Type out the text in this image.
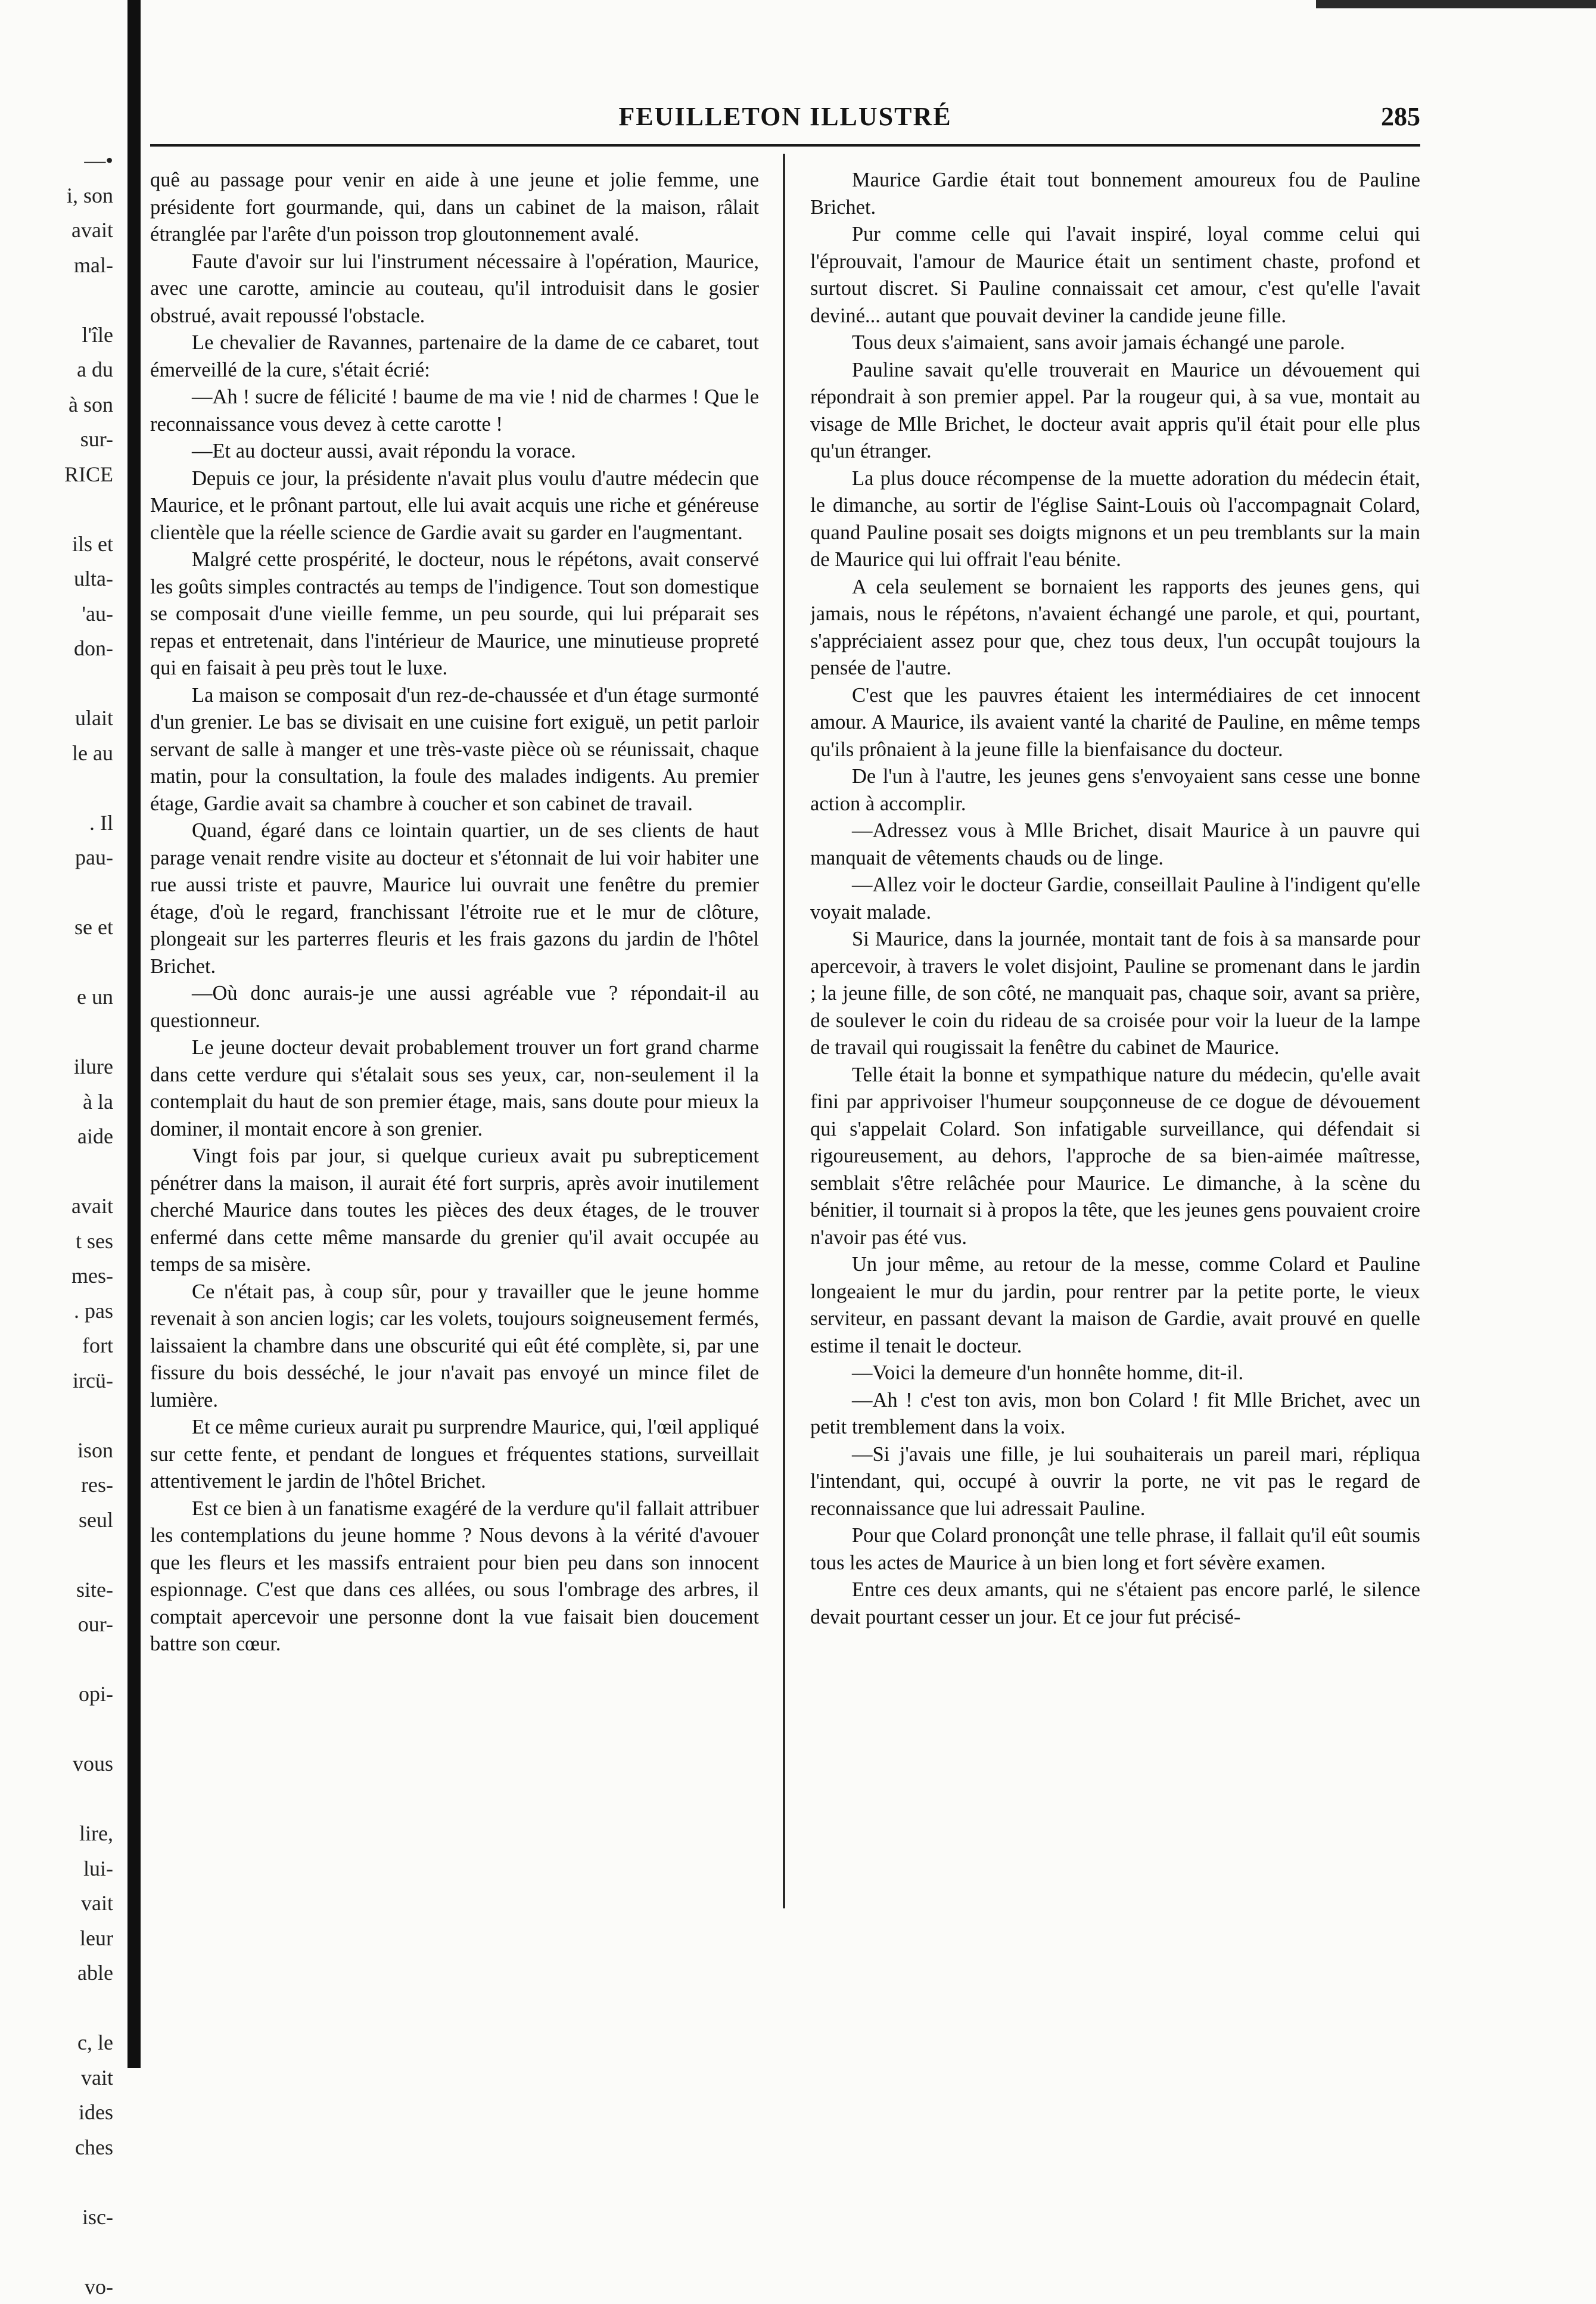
—•
i, son
avait
mal-
l'île
a du
à son
sur-
RICE
ils et
ulta-
'au-
don-
ulait
le au
. Il
pau-
se et
e un
ilure
à la
aide
avait
t ses
mes-
. pas
fort
ircü-
ison
res-
seul
site-
our-
opi-
vous
lire,
lui-
vait
leur
able
c, le
vait
ides
ches
isc-
vo-
FEUILLETON ILLUSTRÉ	285

quê au passage pour venir en aide à une jeune et jolie femme, une présidente fort gourmande, qui, dans un cabinet de la maison, râlait étranglée par l'arête d'un poisson trop gloutonnement avalé.

Faute d'avoir sur lui l'instrument nécessaire à l'opération, Maurice, avec une carotte, amincie au couteau, qu'il introduisit dans le gosier obstrué, avait repoussé l'obstacle.

Le chevalier de Ravannes, partenaire de la dame de ce cabaret, tout émerveillé de la cure, s'était écrié:

—Ah ! sucre de félicité ! baume de ma vie ! nid de charmes ! Que le reconnaissance vous devez à cette carotte !

—Et au docteur aussi, avait répondu la vorace.

Depuis ce jour, la présidente n'avait plus voulu d'autre médecin que Maurice, et le prônant partout, elle lui avait acquis une riche et généreuse clientèle que la réelle science de Gardie avait su garder en l'augmentant.

Malgré cette prospérité, le docteur, nous le répétons, avait conservé les goûts simples contractés au temps de l'indigence. Tout son domestique se composait d'une vieille femme, un peu sourde, qui lui préparait ses repas et entretenait, dans l'intérieur de Maurice, une minutieuse propreté qui en faisait à peu près tout le luxe.

La maison se composait d'un rez-de-chaussée et d'un étage surmonté d'un grenier. Le bas se divisait en une cuisine fort exiguë, un petit parloir servant de salle à manger et une très-vaste pièce où se réunissait, chaque matin, pour la consultation, la foule des malades indigents. Au premier étage, Gardie avait sa chambre à coucher et son cabinet de travail.

Quand, égaré dans ce lointain quartier, un de ses clients de haut parage venait rendre visite au docteur et s'étonnait de lui voir habiter une rue aussi triste et pauvre, Maurice lui ouvrait une fenêtre du premier étage, d'où le regard, franchissant l'étroite rue et le mur de clôture, plongeait sur les parterres fleuris et les frais gazons du jardin de l'hôtel Brichet.

—Où donc aurais-je une aussi agréable vue ? répondait-il au questionneur.

Le jeune docteur devait probablement trouver un fort grand charme dans cette verdure qui s'étalait sous ses yeux, car, non-seulement il la contemplait du haut de son premier étage, mais, sans doute pour mieux la dominer, il montait encore à son grenier.

Vingt fois par jour, si quelque curieux avait pu subrepticement pénétrer dans la maison, il aurait été fort surpris, après avoir inutilement cherché Maurice dans toutes les pièces des deux étages, de le trouver enfermé dans cette même mansarde du grenier qu'il avait occupée au temps de sa misère.

Ce n'était pas, à coup sûr, pour y travailler que le jeune homme revenait à son ancien logis; car les volets, toujours soigneusement fermés, laissaient la chambre dans une obscurité qui eût été complète, si, par une fissure du bois desséché, le jour n'avait pas envoyé un mince filet de lumière.

Et ce même curieux aurait pu surprendre Maurice, qui, l'œil appliqué sur cette fente, et pendant de longues et fréquentes stations, surveillait attentivement le jardin de l'hôtel Brichet.

Est ce bien à un fanatisme exagéré de la verdure qu'il fallait attribuer les contemplations du jeune homme ? Nous devons à la vérité d'avouer que les fleurs et les massifs entraient pour bien peu dans son innocent espionnage. C'est que dans ces allées, ou sous l'ombrage des arbres, il comptait apercevoir une personne dont la vue faisait bien doucement battre son cœur.

Maurice Gardie était tout bonnement amoureux fou de Pauline Brichet.

Pur comme celle qui l'avait inspiré, loyal comme celui qui l'éprouvait, l'amour de Maurice était un sentiment chaste, profond et surtout discret. Si Pauline connaissait cet amour, c'est qu'elle l'avait deviné... autant que pouvait deviner la candide jeune fille.

Tous deux s'aimaient, sans avoir jamais échangé une parole.

Pauline savait qu'elle trouverait en Maurice un dévouement qui répondrait à son premier appel. Par la rougeur qui, à sa vue, montait au visage de Mlle Brichet, le docteur avait appris qu'il était pour elle plus qu'un étranger.

La plus douce récompense de la muette adoration du médecin était, le dimanche, au sortir de l'église Saint-Louis où l'accompagnait Colard, quand Pauline posait ses doigts mignons et un peu tremblants sur la main de Maurice qui lui offrait l'eau bénite.

A cela seulement se bornaient les rapports des jeunes gens, qui jamais, nous le répétons, n'avaient échangé une parole, et qui, pourtant, s'appréciaient assez pour que, chez tous deux, l'un occupât toujours la pensée de l'autre.

C'est que les pauvres étaient les intermédiaires de cet innocent amour. A Maurice, ils avaient vanté la charité de Pauline, en même temps qu'ils prônaient à la jeune fille la bienfaisance du docteur.

De l'un à l'autre, les jeunes gens s'envoyaient sans cesse une bonne action à accomplir.

—Adressez vous à Mlle Brichet, disait Maurice à un pauvre qui manquait de vêtements chauds ou de linge.

—Allez voir le docteur Gardie, conseillait Pauline à l'indigent qu'elle voyait malade.

Si Maurice, dans la journée, montait tant de fois à sa mansarde pour apercevoir, à travers le volet disjoint, Pauline se promenant dans le jardin ; la jeune fille, de son côté, ne manquait pas, chaque soir, avant sa prière, de soulever le coin du rideau de sa croisée pour voir la lueur de la lampe de travail qui rougissait la fenêtre du cabinet de Maurice.

Telle était la bonne et sympathique nature du médecin, qu'elle avait fini par apprivoiser l'humeur soupçonneuse de ce dogue de dévouement qui s'appelait Colard. Son infatigable surveillance, qui défendait si rigoureusement, au dehors, l'approche de sa bien-aimée maîtresse, semblait s'être relâchée pour Maurice. Le dimanche, à la scène du bénitier, il tournait si à propos la tête, que les jeunes gens pouvaient croire n'avoir pas été vus.

Un jour même, au retour de la messe, comme Colard et Pauline longeaient le mur du jardin, pour rentrer par la petite porte, le vieux serviteur, en passant devant la maison de Gardie, avait prouvé en quelle estime il tenait le docteur.

—Voici la demeure d'un honnête homme, dit-il.

—Ah ! c'est ton avis, mon bon Colard ! fit Mlle Brichet, avec un petit tremblement dans la voix.

—Si j'avais une fille, je lui souhaiterais un pareil mari, répliqua l'intendant, qui, occupé à ouvrir la porte, ne vit pas le regard de reconnaissance que lui adressait Pauline.

Pour que Colard prononçât une telle phrase, il fallait qu'il eût soumis tous les actes de Maurice à un bien long et fort sévère examen.

Entre ces deux amants, qui ne s'étaient pas encore parlé, le silence devait pourtant cesser un jour. Et ce jour fut précisé-
